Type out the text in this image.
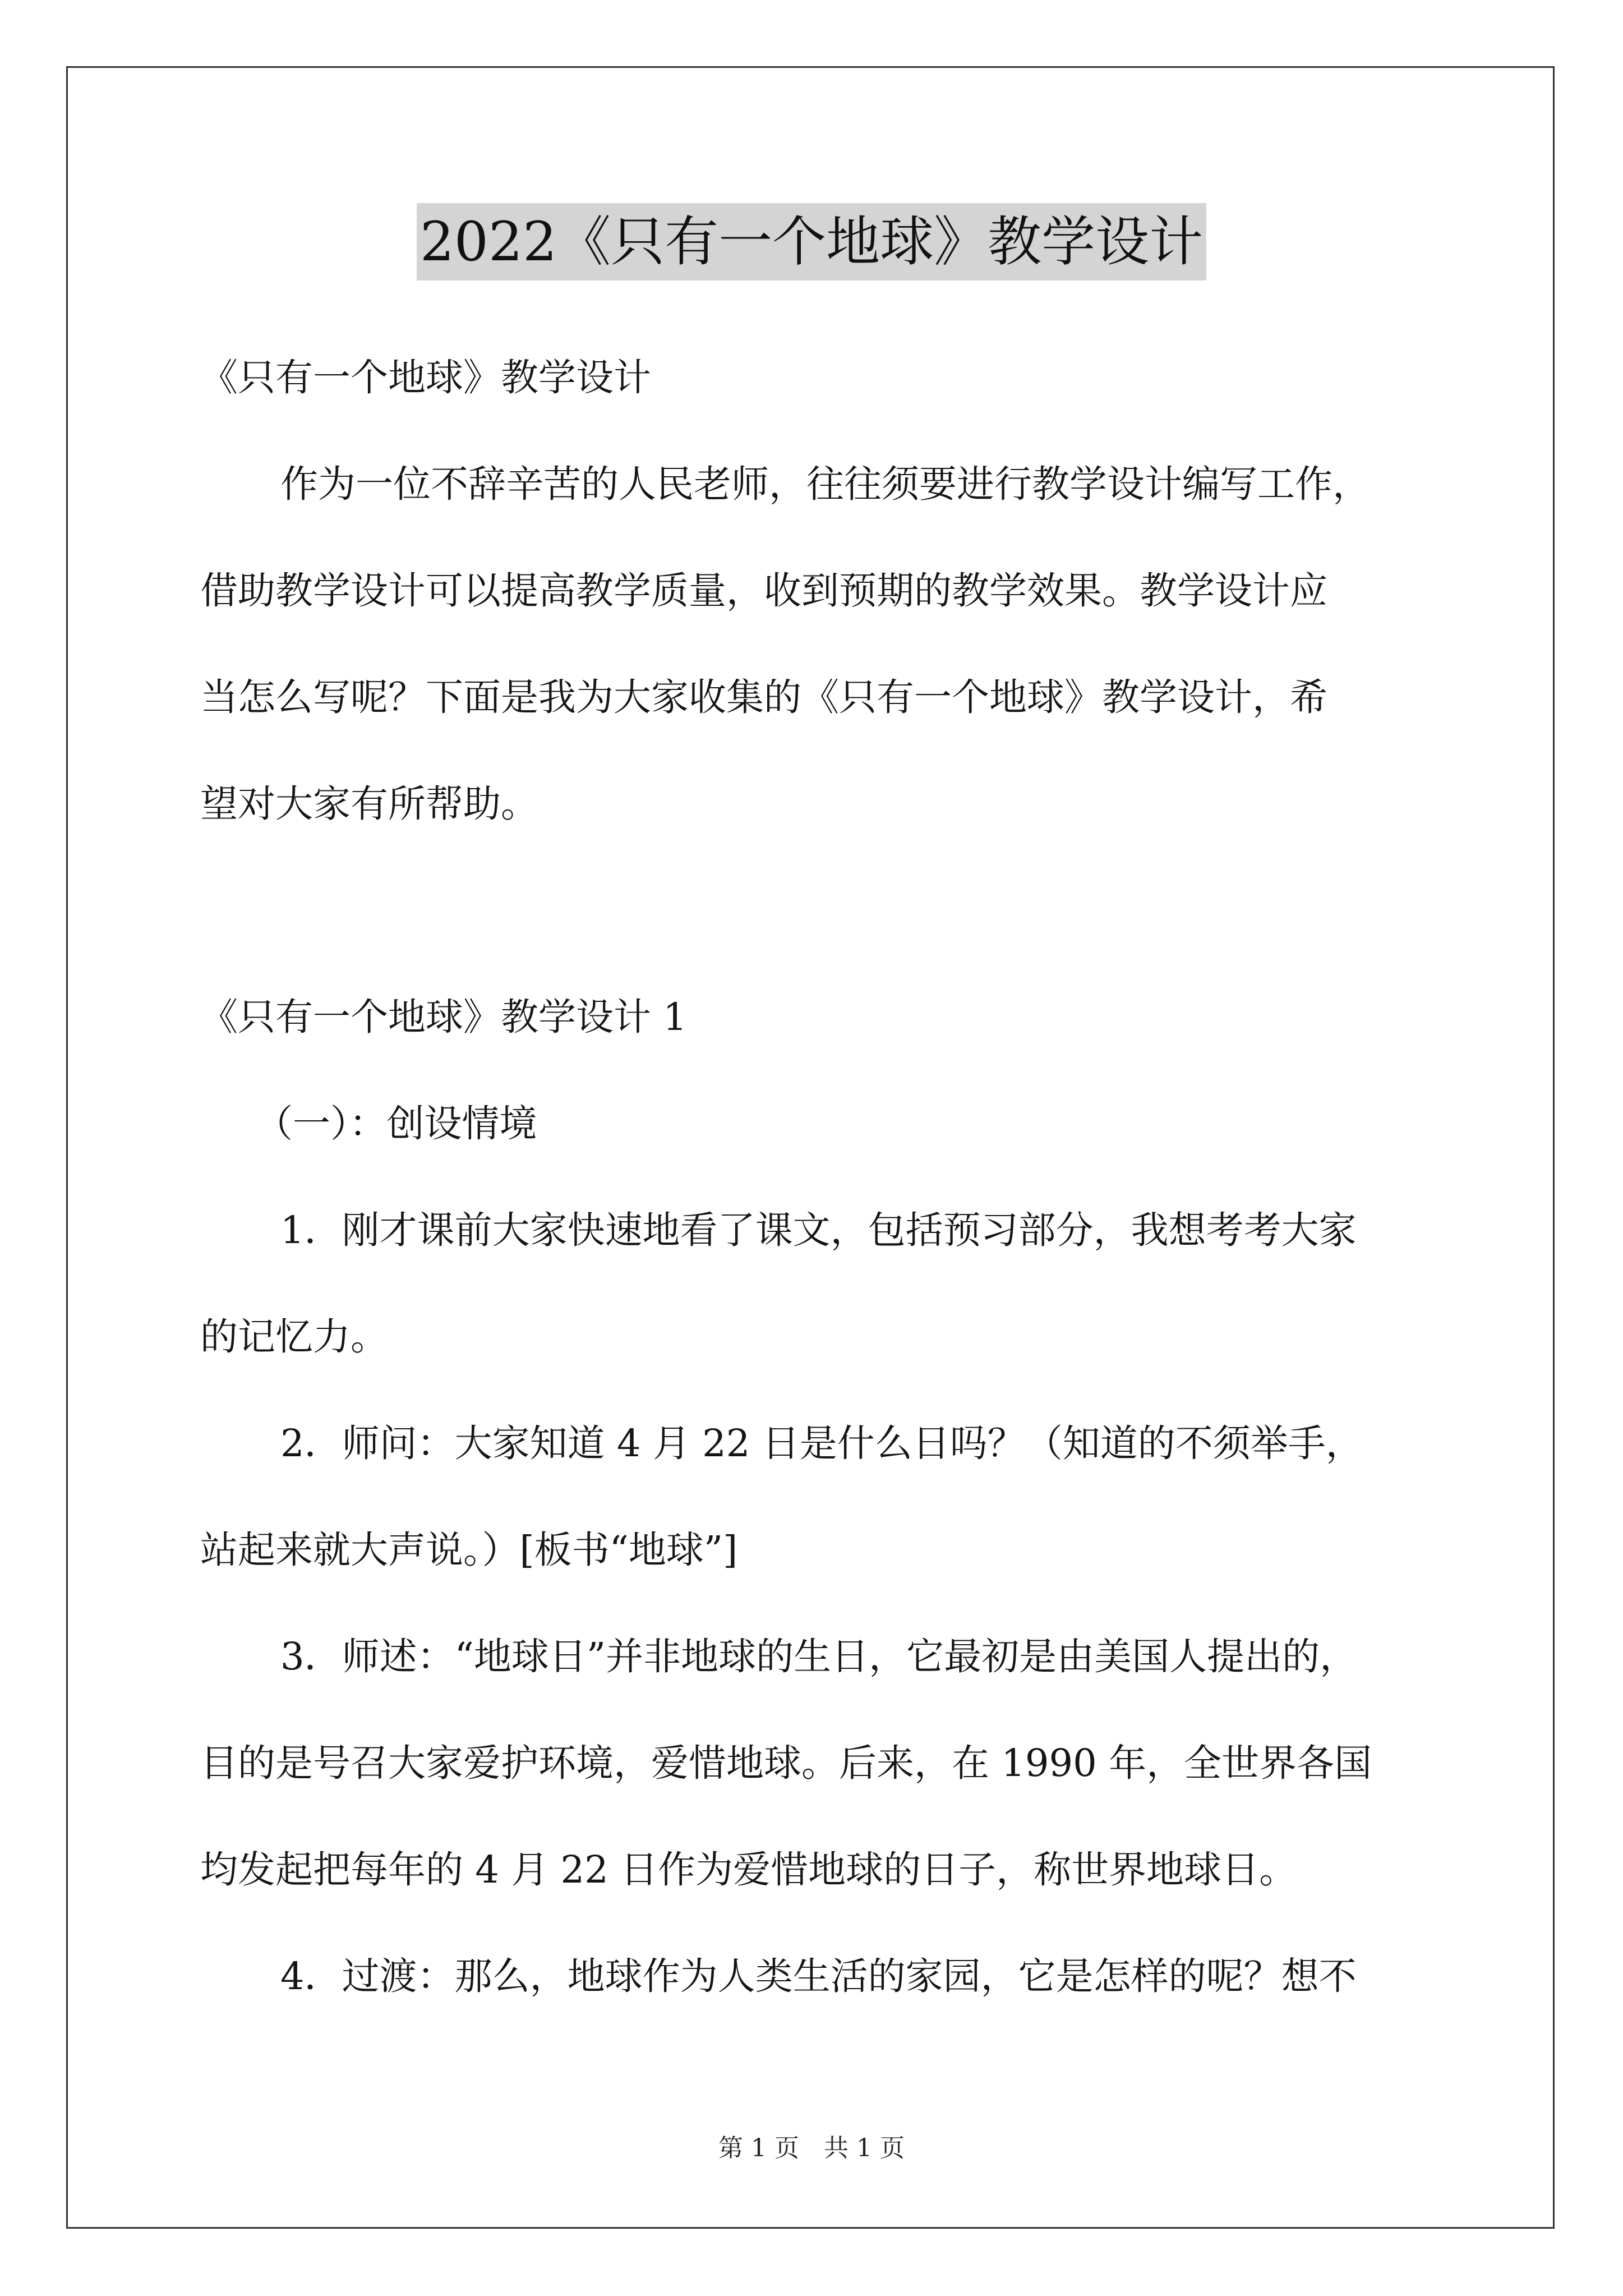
2022《只有一个地球》教学设计
《只有一个地球》教学设计
作为一位不辞辛苦的人民老师，往往须要进行教学设计编写工作，
借助教学设计可以提高教学质量，收到预期的教学效果。教学设计应
当怎么写呢？下面是我为大家收集的《只有一个地球》教学设计，希
望对大家有所帮助。
《只有一个地球》教学设计 1
（一）：创设情境
1．刚才课前大家快速地看了课文，包括预习部分，我想考考大家
的记忆力。
2．师问：大家知道 4 月 22 日是什么日吗？（知道的不须举手，
站起来就大声说。）[板书“地球”]
3．师述：“地球日”并非地球的生日，它最初是由美国人提出的，
目的是号召大家爱护环境，爱惜地球。后来，在 1990 年，全世界各国
均发起把每年的 4 月 22 日作为爱惜地球的日子，称世界地球日。
4．过渡：那么，地球作为人类生活的家园，它是怎样的呢？想不
第 1 页　共 1 页
